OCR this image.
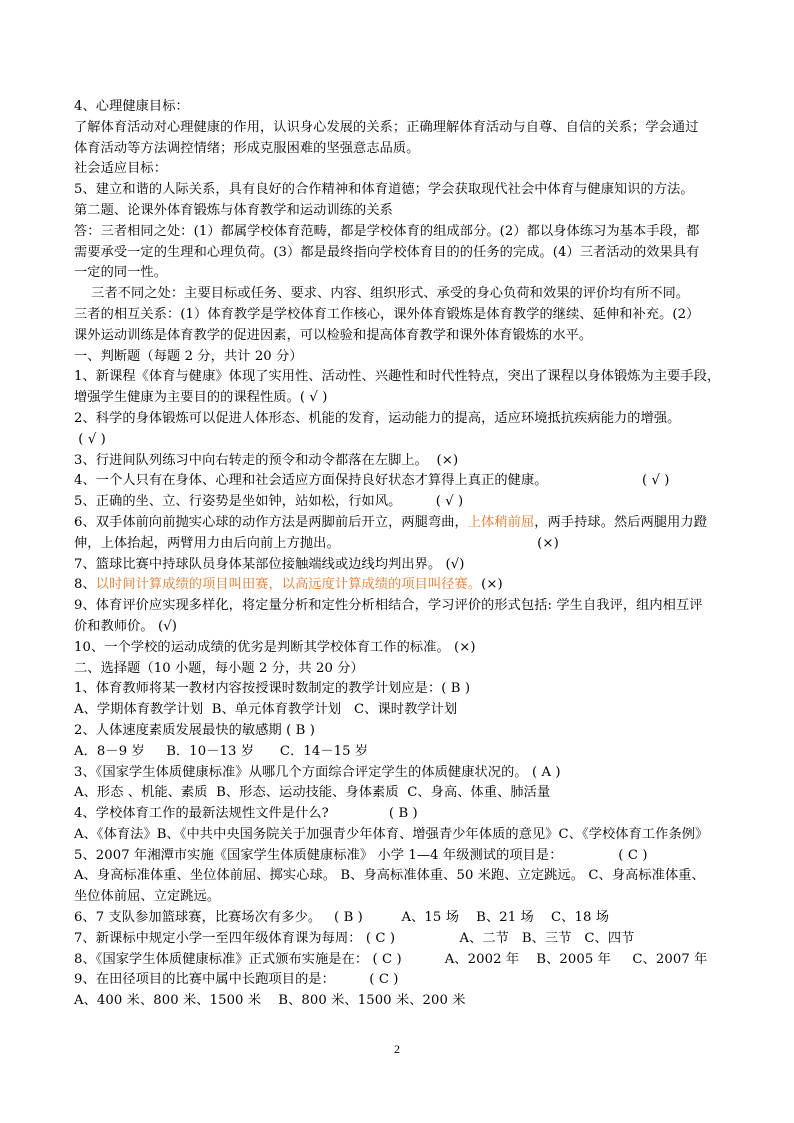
4、心理健康目标：

了解体育活动对心理健康的作用，认识身心发展的关系；正确理解体育活动与自尊、自信的关系；学会通过

体育活动等方法调控情绪；形成克服困难的坚强意志品质。

社会适应目标：

5、建立和谐的人际关系，具有良好的合作精神和体育道德；学会获取现代社会中体育与健康知识的方法。

第二题、论课外体育锻炼与体育教学和运动训练的关系

答：三者相同之处：(1）都属学校体育范畴，都是学校体育的组成部分。(2）都以身体练习为基本手段，都

需要承受一定的生理和心理负荷。(3）都是最终指向学校体育目的的任务的完成。(4）三者活动的效果具有

一定的同一性。

三者不同之处：主要目标或任务、要求、内容、组织形式、承受的身心负荷和效果的评价均有所不同。

三者的相互关系：(1）体育教学是学校体育工作核心，课外体育锻炼是体育教学的继续、延伸和补充。(2）

课外运动训练是体育教学的促进因素，可以检验和提高体育教学和课外体育锻炼的水平。

一、判断题（每题 2 分，共计 20 分）

1、新课程《体育与健康》体现了实用性、活动性、兴趣性和时代性特点，突出了课程以身体锻炼为主要手段，

增强学生健康为主要目的的课程性质。( √ )

2、科学的身体锻炼可以促进人体形态、机能的发育，运动能力的提高，适应环境抵抗疾病能力的增强。

( √ )

3、行进间队列练习中向右转走的预令和动令都落在左脚上。  (×)

4、一个人只有在身体、心理和社会适应方面保持良好状态才算得上真正的健康。                      ( √ )

5、正确的坐、立、行姿势是坐如钟，站如松，行如风。        ( √ )

6、双手体前向前抛实心球的动作方法是两脚前后开立，两腿弯曲，上体稍前屈，两手持球。然后两腿用力蹬

伸，上体抬起，两臂用力由后向前上方抛出。                                              (×)

7、篮球比赛中持球队员身体某部位接触端线或边线均判出界。 (√)

8、以时间计算成绩的项目叫田赛，以高远度计算成绩的项目叫径赛。(×)

9、体育评价应实现多样化，将定量分析和定性分析相结合，学习评价的形式包括: 学生自我评，组内相互评

价和教师价。 (√)

10、一个学校的运动成绩的优劣是判断其学校体育工作的标准。 (×)

二、选择题（10 小题，每小题 2 分，共 20 分）

1、体育教师将某一教材内容按授课时数制定的教学计划应是：( B )

A、学期体育教学计划  B、单元体育教学计划   C、课时教学计划

2、人体速度素质发展最快的敏感期 ( B )

A．8－9 岁     B．10－13 岁      C．14－15 岁

3、《国家学生体质健康标准》从哪几个方面综合评定学生的体质健康状况的。 ( A )

A、形态 、机能、素质  B、形态、运动技能、身体素质  C、身高、体重、肺活量

4、学校体育工作的最新法规性文件是什么?              ( B )

A、《体育法》B、《中共中央国务院关于加强青少年体育、增强青少年体质的意见》C、《学校体育工作条例》

5、2007 年湘潭市实施《国家学生体质健康标准》 小学 1—4 年级测试的项目是：             ( C )

A、身高标准体重、坐位体前屈、掷实心球。 B、身高标准体重、50 米跑、立定跳远。 C、身高标准体重、

坐位体前屈、立定跳远。

6、7 支队参加篮球赛，比赛场次有多少。   ( B )         A、15 场    B、21 场    C、18 场

7、新课标中规定小学一至四年级体育课为每周： ( C )               A、二节   B、三节   C、四节

8、《国家学生体质健康标准》正式颁布实施是在： ( C )          A、2002 年    B、2005 年     C、2007 年

9、在田径项目的比赛中属中长跑项目的是：        ( C )

A、400 米、800 米、1500 米    B、800 米、1500 米、200 米

2
